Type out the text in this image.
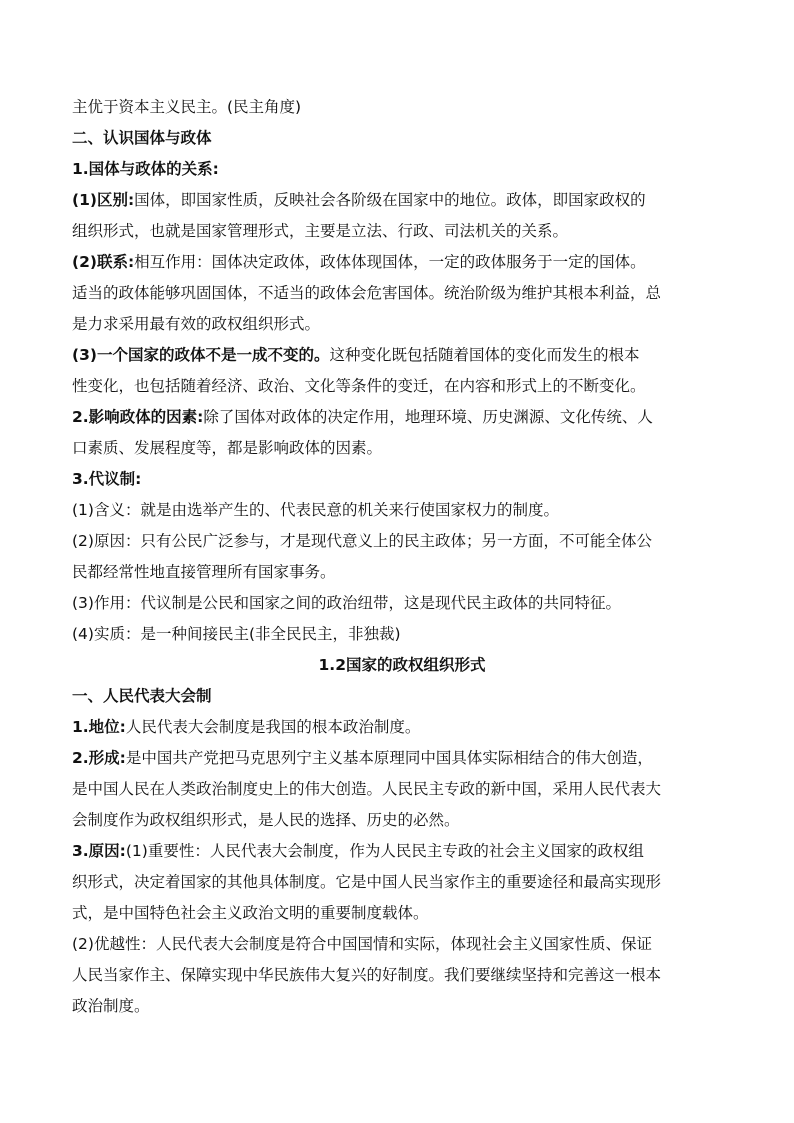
主优于资本主义民主。(民主角度)
二、认识国体与政体
1.国体与政体的关系:
(1)区别:国体，即国家性质，反映社会各阶级在国家中的地位。政体，即国家政权的
组织形式，也就是国家管理形式，主要是立法、行政、司法机关的关系。
(2)联系:相互作用：国体决定政体，政体体现国体，一定的政体服务于一定的国体。
适当的政体能够巩固国体，不适当的政体会危害国体。统治阶级为维护其根本利益，总
是力求采用最有效的政权组织形式。
(3)一个国家的政体不是一成不变的。这种变化既包括随着国体的变化而发生的根本
性变化，也包括随着经济、政治、文化等条件的变迁，在内容和形式上的不断变化。
2.影响政体的因素:除了国体对政体的决定作用，地理环境、历史渊源、文化传统、人
口素质、发展程度等，都是影响政体的因素。
3.代议制:
(1)含义：就是由选举产生的、代表民意的机关来行使国家权力的制度。
(2)原因：只有公民广泛参与，才是现代意义上的民主政体；另一方面，不可能全体公
民都经常性地直接管理所有国家事务。
(3)作用：代议制是公民和国家之间的政治纽带，这是现代民主政体的共同特征。
(4)实质：是一种间接民主(非全民民主，非独裁)
1.2国家的政权组织形式
一、人民代表大会制
1.地位:人民代表大会制度是我国的根本政治制度。
2.形成:是中国共产党把马克思列宁主义基本原理同中国具体实际相结合的伟大创造，
是中国人民在人类政治制度史上的伟大创造。人民民主专政的新中国，采用人民代表大
会制度作为政权组织形式，是人民的选择、历史的必然。
3.原因:(1)重要性：人民代表大会制度，作为人民民主专政的社会主义国家的政权组
织形式，决定着国家的其他具体制度。它是中国人民当家作主的重要途径和最高实现形
式，是中国特色社会主义政治文明的重要制度载体。
(2)优越性：人民代表大会制度是符合中国国情和实际，体现社会主义国家性质、保证
人民当家作主、保障实现中华民族伟大复兴的好制度。我们要继续坚持和完善这一根本
政治制度。
